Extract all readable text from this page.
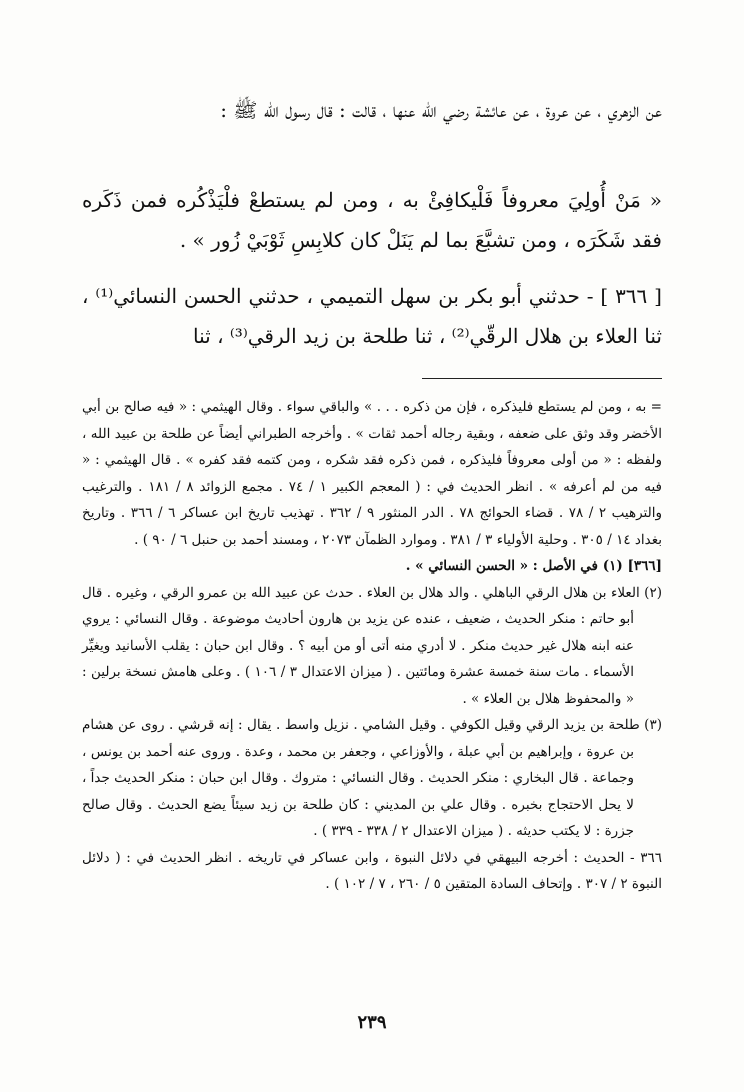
عن الزهري ، عن عروة ، عن عائشة رضي الله عنها ، قالت : قال رسول الله ﷺ :

« مَنْ أُولِيَ معروفاً فَلْيكافِئْ به ، ومن لم يستطعْ فلْيَذْكُره فمن ذَكَره فقد شَكَرَه ، ومن تشبَّعَ بما لم يَنَلْ كان كلابِسِ ثَوْبَيْ زُور » .

[ ٣٦٦ ] - حدثني أبو بكر بن سهل التميمي ، حدثني الحسن النسائي⁽¹⁾ ، ثنا العلاء بن هلال الرقّي⁽²⁾ ، ثنا طلحة بن زيد الرقي⁽³⁾ ، ثنا

= به ، ومن لم يستطع فليذكره ، فإن من ذكره . . . » والباقي سواء . وقال الهيثمي : « فيه صالح بن أبي الأخضر وقد وثق على ضعفه ، وبقية رجاله أحمد ثقات » . وأخرجه الطبراني أيضاً عن طلحة بن عبيد الله ، ولفظه : « من أولى معروفاً فليذكره ، فمن ذكره فقد شكره ، ومن كتمه فقد كفره » . قال الهيثمي : « فيه من لم أعرفه » . انظر الحديث في : ( المعجم الكبير ١ / ٧٤ . مجمع الزوائد ٨ / ١٨١ . والترغيب والترهيب ٢ / ٧٨ . قضاء الحوائج ٧٨ . الدر المنثور ٩ / ٣٦٢ . تهذيب تاريخ ابن عساكر ٦ / ٣٦٦ . وتاريخ بغداد ١٤ / ٣٠٥ . وحلية الأولياء ٣ / ٣٨١ . وموارد الظمآن ٢٠٧٣ ، ومسند أحمد بن حنبل ٦ / ٩٠ ) .

[٣٦٦] (١) في الأصل : « الحسن النسائي » .

(٢) العلاء بن هلال الرقي الباهلي . والد هلال بن العلاء . حدث عن عبيد الله بن عمرو الرقي ، وغيره . قال أبو حاتم : منكر الحديث ، ضعيف ، عنده عن يزيد بن هارون أحاديث موضوعة . وقال النسائي : يروي عنه ابنه هلال غير حديث منكر . لا أدري منه أتى أو من أبيه ؟ . وقال ابن حبان : يقلب الأسانيد ويغيِّر الأسماء . مات سنة خمسة عشرة ومائتين . ( ميزان الاعتدال ٣ / ١٠٦ ) . وعلى هامش نسخة برلين : « والمحفوظ هلال بن العلاء » .

(٣) طلحة بن يزيد الرقي وقيل الكوفي . وقيل الشامي . نزيل واسط . يقال : إنه قرشي . روى عن هشام بن عروة ، وإبراهيم بن أبي عبلة ، والأوزاعي ، وجعفر بن محمد ، وعدة . وروى عنه أحمد بن يونس ، وجماعة . قال البخاري : منكر الحديث . وقال النسائي : متروك . وقال ابن حبان : منكر الحديث جداً ، لا يحل الاحتجاج بخبره . وقال علي بن المديني : كان طلحة بن زيد سيئاً يضع الحديث . وقال صالح جزرة : لا يكتب حديثه . ( ميزان الاعتدال ٢ / ٣٣٨ - ٣٣٩ ) .

٣٦٦ - الحديث : أخرجه البيهقي في دلائل النبوة ، وابن عساكر في تاريخه . انظر الحديث في : ( دلائل النبوة ٢ / ٣٠٧ . وإتحاف السادة المتقين ٥ / ٢٦٠ ، ٧ / ١٠٢ ) .

٢٣٩
